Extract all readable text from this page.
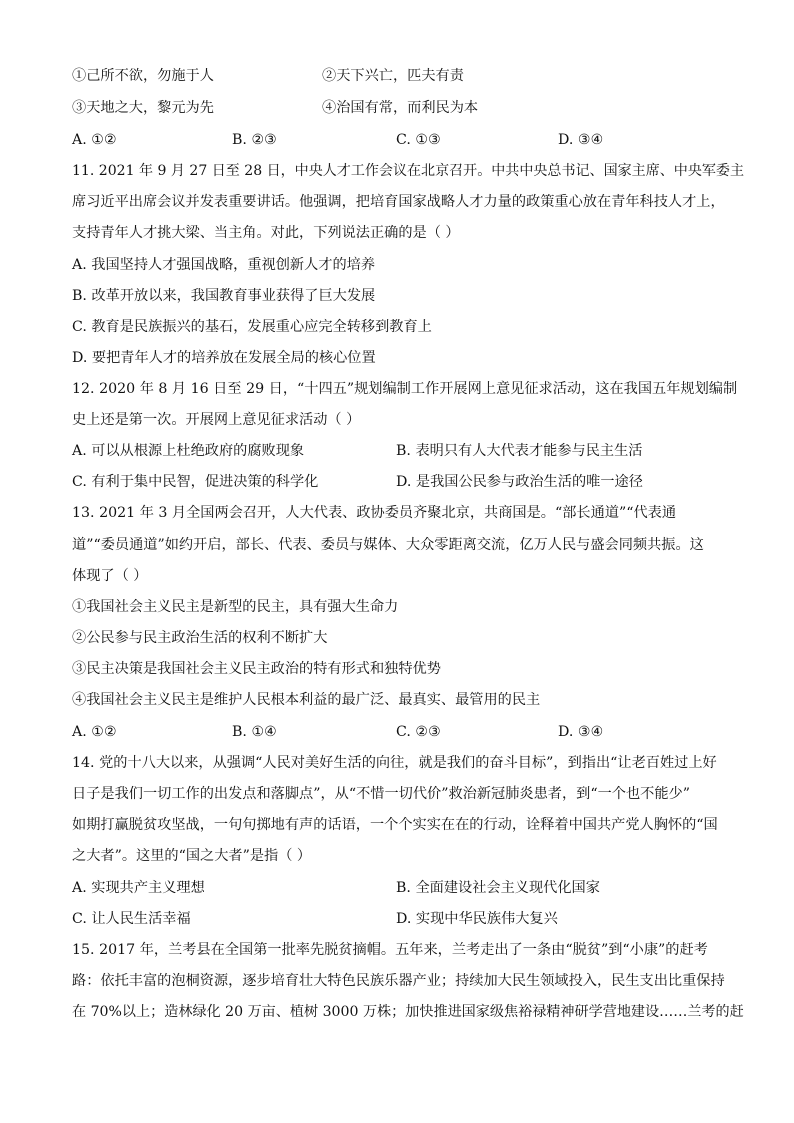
①己所不欲，勿施于人	②天下兴亡，匹夫有责
③天地之大，黎元为先	④治国有常，而利民为本
A. ①②	B. ②③	C. ①③	D. ③④
11. 2021 年 9 月 27 日至 28 日，中央人才工作会议在北京召开。中共中央总书记、国家主席、中央军委主
席习近平出席会议并发表重要讲话。他强调，把培育国家战略人才力量的政策重心放在青年科技人才上，
支持青年人才挑大梁、当主角。对此，下列说法正确的是（ ）
A. 我国坚持人才强国战略，重视创新人才的培养
B. 改革开放以来，我国教育事业获得了巨大发展
C. 教育是民族振兴的基石，发展重心应完全转移到教育上
D. 要把青年人才的培养放在发展全局的核心位置
12. 2020 年 8 月 16 日至 29 日，“十四五”规划编制工作开展网上意见征求活动，这在我国五年规划编制
史上还是第一次。开展网上意见征求活动（ ）
A. 可以从根源上杜绝政府的腐败现象	B. 表明只有人大代表才能参与民主生活
C. 有利于集中民智，促进决策的科学化	D. 是我国公民参与政治生活的唯一途径
13. 2021 年 3 月全国两会召开，人大代表、政协委员齐聚北京，共商国是。“部长通道”“代表通
道”“委员通道”如约开启，部长、代表、委员与媒体、大众零距离交流，亿万人民与盛会同频共振。这
体现了（ ）
①我国社会主义民主是新型的民主，具有强大生命力
②公民参与民主政治生活的权利不断扩大
③民主决策是我国社会主义民主政治的特有形式和独特优势
④我国社会主义民主是维护人民根本利益的最广泛、最真实、最管用的民主
A. ①②	B. ①④	C. ②③	D. ③④
14. 党的十八大以来，从强调“人民对美好生活的向往，就是我们的奋斗目标”，到指出“让老百姓过上好
日子是我们一切工作的出发点和落脚点”，从“不惜一切代价”救治新冠肺炎患者，到“一个也不能少”
如期打赢脱贫攻坚战，一句句掷地有声的话语，一个个实实在在的行动，诠释着中国共产党人胸怀的“国
之大者”。这里的“国之大者”是指（ ）
A. 实现共产主义理想	B. 全面建设社会主义现代化国家
C. 让人民生活幸福	D. 实现中华民族伟大复兴
15. 2017 年，兰考县在全国第一批率先脱贫摘帽。五年来，兰考走出了一条由“脱贫”到“小康”的赶考
路：依托丰富的泡桐资源，逐步培育壮大特色民族乐器产业；持续加大民生领域投入，民生支出比重保持
在 70%以上；造林绿化 20 万亩、植树 3000 万株；加快推进国家级焦裕禄精神研学营地建设……兰考的赶
